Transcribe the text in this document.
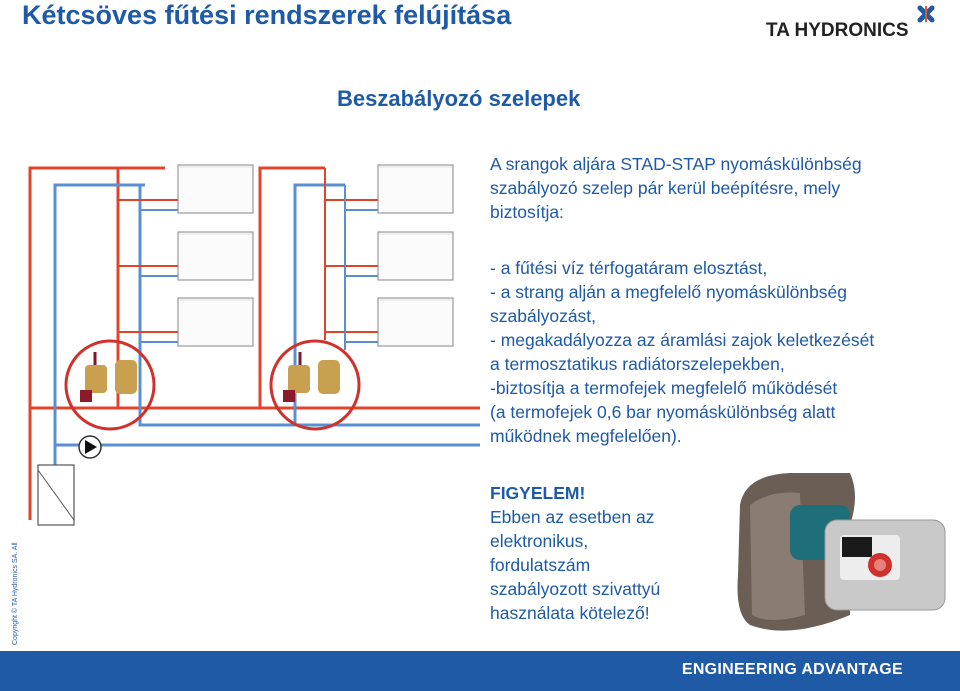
Kétcsöves fűtési rendszerek felújítása
TA HYDRONICS
Beszabályozó szelepek

A srangok aljára STAD-STAP nyomáskülönbség

szabályozó szelep pár kerül beépítésre, mely

biztosítja:

- a fűtési víz térfogatáram elosztást,

- a strang alján a megfelelő nyomáskülönbség

szabályozást,

- megakadályozza az áramlási zajok keletkezését

a termosztatikus radiátorszelepekben,

-biztosítja a termofejek megfelelő működését

(a termofejek 0,6 bar nyomáskülönbség alatt

működnek megfelelően).

FIGYELEM!

Ebben az esetben az

elektronikus,

fordulatszám

szabályozott szivattyú

használata kötelező!

Copyright © TA Hydronics SA. All
ENGINEERING ADVANTAGE
